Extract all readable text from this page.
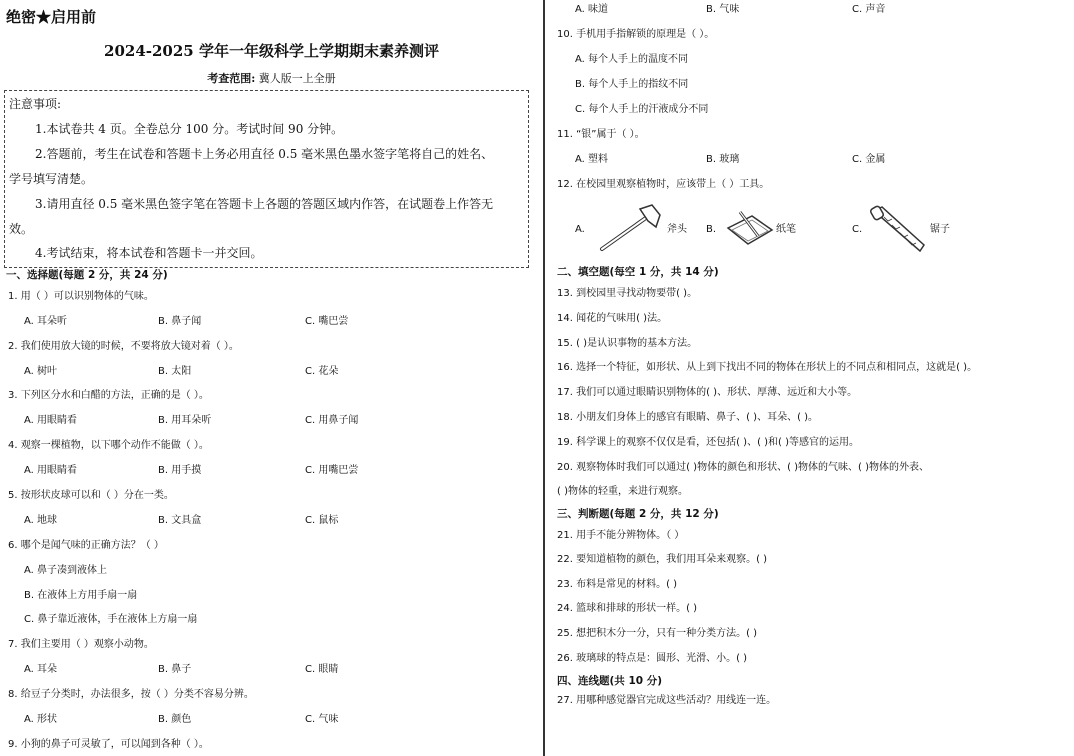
绝密★启用前
2024-2025 学年一年级科学上学期期末素养测评
考查范围: 冀人版一上全册
注意事项:
1.本试卷共 4 页。全卷总分 100 分。考试时间 90 分钟。
2.答题前，考生在试卷和答题卡上务必用直径 0.5 毫米黑色墨水签字笔将自己的姓名、
学号填写清楚。
3.请用直径 0.5 毫米黑色签字笔在答题卡上各题的答题区域内作答，在试题卷上作答无
效。
4.考试结束，将本试卷和答题卡一并交回。
一、选择题(每题 2 分，共 24 分)
1. 用（ ）可以识别物体的气味。
A. 耳朵听	B. 鼻子闻	C. 嘴巴尝
2. 我们使用放大镜的时候，不要将放大镜对着（ ）。
A. 树叶	B. 太阳	C. 花朵
3. 下列区分水和白醋的方法，正确的是（ ）。
A. 用眼睛看	B. 用耳朵听	C. 用鼻子闻
4. 观察一棵植物，以下哪个动作不能做（ ）。
A. 用眼睛看	B. 用手摸	C. 用嘴巴尝
5. 按形状皮球可以和（ ）分在一类。
A. 地球	B. 文具盒	C. 鼠标
6. 哪个是闻气味的正确方法？（ ）
A. 鼻子凑到液体上
B. 在液体上方用手扇一扇
C. 鼻子靠近液体，手在液体上方扇一扇
7. 我们主要用（ ）观察小动物。
A. 耳朵	B. 鼻子	C. 眼睛
8. 给豆子分类时，办法很多，按（ ）分类不容易分辨。
A. 形状	B. 颜色	C. 气味
9. 小狗的鼻子可灵敏了，可以闻到各种（ ）。
A. 味道	B. 气味	C. 声音
10. 手机用手指解锁的原理是（ ）。
A. 每个人手上的温度不同
B. 每个人手上的指纹不同
C. 每个人手上的汗液成分不同
11. “银”属于（ ）。
A. 塑料	B. 玻璃	C. 金属
12. 在校园里观察植物时，应该带上（ ）工具。
A.	斧头 B.	纸笔	C.	锯子
二、填空题(每空 1 分，共 14 分)
13. 到校园里寻找动物要带( )。
14. 闻花的气味用( )法。
15. ( )是认识事物的基本方法。
16. 选择一个特征，如形状、从上到下找出不同的物体在形状上的不同点和相同点，这就是( )。
17. 我们可以通过眼睛识别物体的( )、形状、厚薄、远近和大小等。
18. 小朋友们身体上的感官有眼睛、鼻子、( )、耳朵、( )。
19. 科学课上的观察不仅仅是看，还包括( )、( )和( )等感官的运用。
20. 观察物体时我们可以通过( )物体的颜色和形状、( )物体的气味、( )物体的外表、
( )物体的轻重，来进行观察。
三、判断题(每题 2 分，共 12 分)
21. 用手不能分辨物体。（ ）
22. 要知道植物的颜色，我们用耳朵来观察。( )
23. 布料是常见的材料。( )
24. 篮球和排球的形状一样。( )
25. 想把积木分一分，只有一种分类方法。( )
26. 玻璃球的特点是：圆形、光滑、小。( )
四、连线题(共 10 分)
27. 用哪种感觉器官完成这些活动？用线连一连。
